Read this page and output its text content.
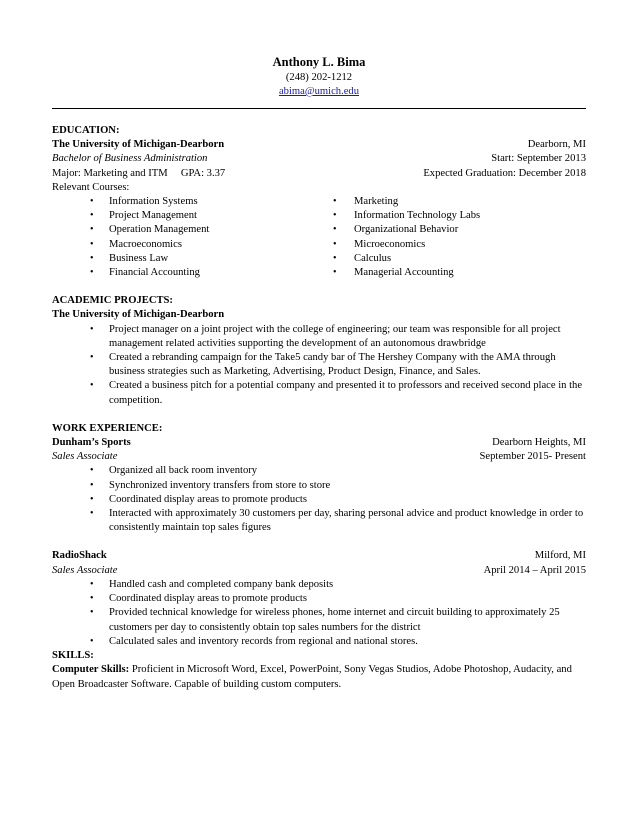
Anthony L. Bima
(248) 202-1212
abima@umich.edu
EDUCATION:
The University of Michigan-Dearborn	Dearborn, MI
Bachelor of Business Administration	Start: September 2013
Major: Marketing and ITM     GPA: 3.37	Expected Graduation: December 2018
Relevant Courses:
• Information Systems
• Project Management
• Operation Management
• Macroeconomics
• Business Law
• Financial Accounting
• Marketing
• Information Technology Labs
• Organizational Behavior
• Microeconomics
• Calculus
• Managerial Accounting
ACADEMIC PROJECTS:
The University of Michigan-Dearborn
• Project manager on a joint project with the college of engineering; our team was responsible for all project management related activities supporting the development of an autonomous drawbridge
• Created a rebranding campaign for the Take5 candy bar of The Hershey Company with the AMA through business strategies such as Marketing, Advertising, Product Design, Finance, and Sales.
• Created a business pitch for a potential company and presented it to professors and received second place in the competition.
WORK EXPERIENCE:
Dunham’s Sports	Dearborn Heights, MI
Sales Associate	September 2015- Present
• Organized all back room inventory
• Synchronized inventory transfers from store to store
• Coordinated display areas to promote products
• Interacted with approximately 30 customers per day, sharing personal advice and product knowledge in order to consistently maintain top sales figures
RadioShack	Milford, MI
Sales Associate	April 2014 – April 2015
• Handled cash and completed company bank deposits
• Coordinated display areas to promote products
• Provided technical knowledge for wireless phones, home internet and circuit building to approximately 25 customers per day to consistently obtain top sales numbers for the district
• Calculated sales and inventory records from regional and national stores.
SKILLS:
Computer Skills: Proficient in Microsoft Word, Excel, PowerPoint, Sony Vegas Studios, Adobe Photoshop, Audacity, and Open Broadcaster Software. Capable of building custom computers.
